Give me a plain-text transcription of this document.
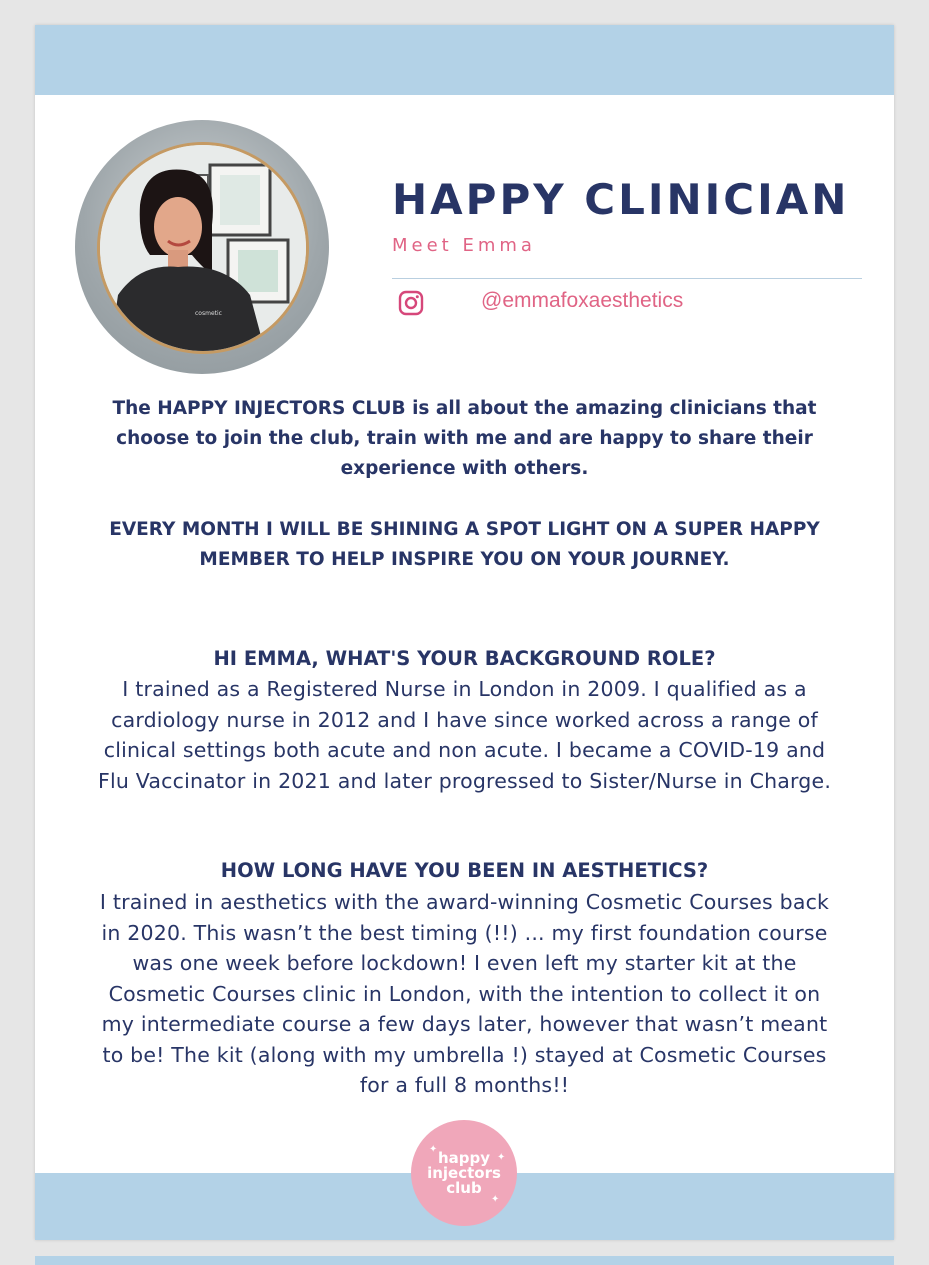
cosmetic
HAPPY CLINICIAN
Meet Emma
@emmafoxaesthetics
The HAPPY INJECTORS CLUB is all about the amazing clinicians that choose to join the club, train with me and are happy to share their experience with others.
EVERY MONTH I WILL BE SHINING A SPOT LIGHT ON A SUPER HAPPY MEMBER TO HELP INSPIRE YOU ON YOUR JOURNEY.
HI EMMA, WHAT'S YOUR BACKGROUND ROLE?
I trained as a Registered Nurse in London in 2009. I qualified as a cardiology nurse in 2012 and I have since worked across a range of clinical settings both acute and non acute. I became a COVID-19 and Flu Vaccinator in 2021 and later progressed to Sister/Nurse in Charge.
HOW LONG HAVE YOU BEEN IN AESTHETICS?
I trained in aesthetics with the award-winning Cosmetic Courses back in 2020. This wasn’t the best timing (!!) ... my first foundation course was one week before lockdown! I even left my starter kit at the Cosmetic Courses clinic in London, with the intention to collect it on my intermediate course a few days later, however that wasn’t meant to be! The kit (along with my umbrella !) stayed at Cosmetic Courses for a full 8 months!!
✦
✦
✦
happy
injectors
club
